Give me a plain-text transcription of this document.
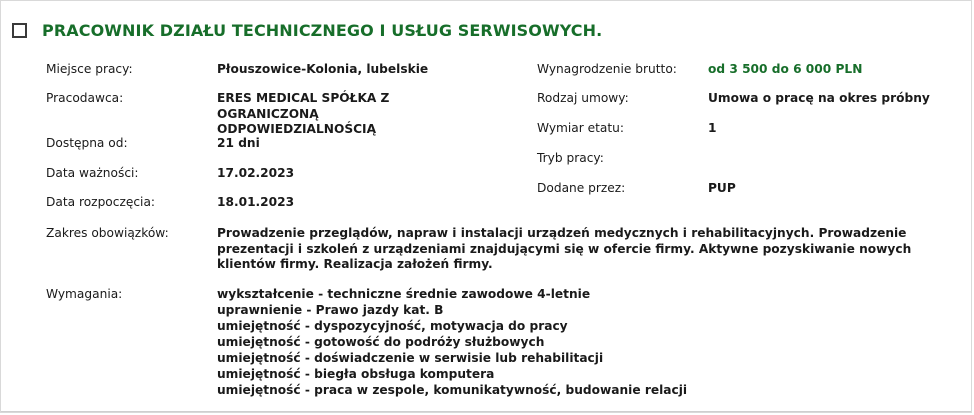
PRACOWNIK DZIAŁU TECHNICZNEGO I USŁUG SERWISOWYCH.
Miejsce pracy:	Płouszowice-Kolonia, lubelskie
Pracodawca:	ERES MEDICAL SPÓŁKA Z OGRANICZONĄ ODPOWIEDZIALNOŚCIĄ
Dostępna od:	21 dni
Data ważności:	17.02.2023
Data rozpoczęcia:	18.01.2023
Wynagrodzenie brutto:	od 3 500 do 6 000 PLN
Rodzaj umowy:	Umowa o pracę na okres próbny
Wymiar etatu:	1
Tryb pracy:
Dodane przez:	PUP
Zakres obowiązków:	Prowadzenie przeglądów, napraw i instalacji urządzeń medycznych i rehabilitacyjnych. Prowadzenie prezentacji i szkoleń z urządzeniami znajdującymi się w ofercie firmy. Aktywne pozyskiwanie nowych klientów firmy. Realizacja założeń firmy.
Wymagania:	wykształcenie - techniczne średnie zawodowe 4-letnie
uprawnienie - Prawo jazdy kat. B
umiejętność - dyspozycyjność, motywacja do pracy
umiejętność - gotowość do podróży służbowych
umiejętność - doświadczenie w serwisie lub rehabilitacji
umiejętność - biegła obsługa komputera
umiejętność - praca w zespole, komunikatywność, budowanie relacji
